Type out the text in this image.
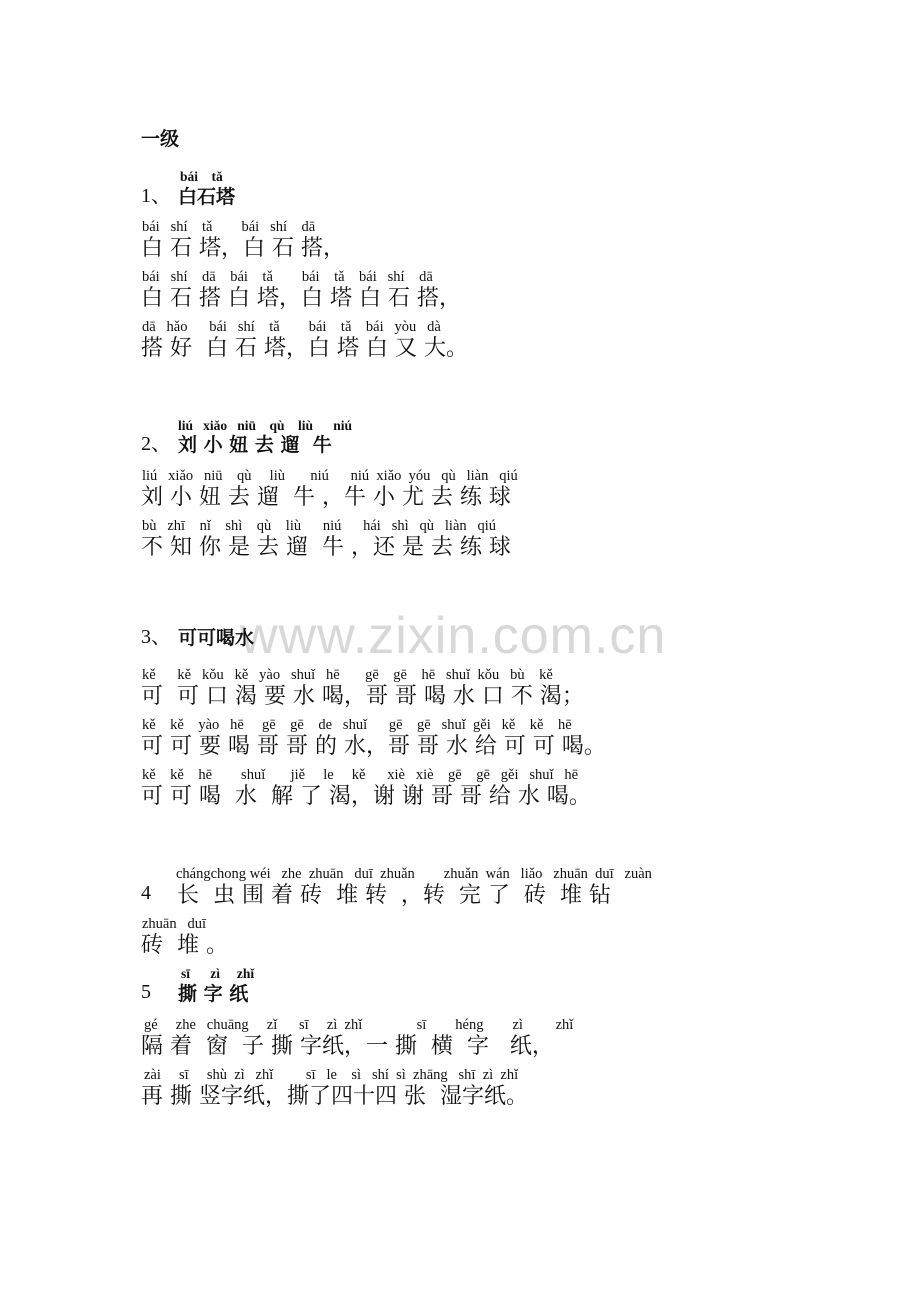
www.zixin.com.cn
一级
bái    tǎ
1、 白石塔
bái   shí    tǎ        bái   shí    dā
白 石 塔，白 石 搭，
bái   shí    dā    bái    tǎ        bái    tǎ    bái   shí    dā
白 石 搭 白 塔，白 塔 白 石 搭，
dā   hǎo      bái   shí    tǎ        bái    tǎ    bái   yòu   dà
搭 好  白 石 塔，白 塔 白 又 大。
liú   xiǎo   niū    qù    liù      niú
2、 刘 小 妞 去 遛  牛
liú   xiǎo   niū    qù     liù       niú      niú  xiǎo  yóu   qù   liàn   qiú
刘 小 妞 去 遛  牛 ，牛 小 尤 去 练 球
bù   zhī    nǐ    shì    qù    liù      niú      hái   shì   qù   liàn   qiú
不 知 你 是 去 遛  牛 ，还 是 去 练 球
3、 可可喝水
kě      kě   kǒu   kě   yào   shuǐ   hē       gē    gē    hē   shuǐ  kǒu   bù    kě
可  可 口 渴 要 水 喝，哥 哥 喝 水 口 不 渴；
kě    kě    yào   hē     gē    gē    de   shuǐ      gē    gē   shuǐ  gěi   kě    kě    hē
可 可 要 喝 哥 哥 的 水，哥 哥 水 给 可 可 喝。
kě    kě    hē        shuǐ       jiě     le     kě      xiè   xiè    gē    gē   gěi   shuǐ   hē
可 可 喝  水  解 了 渴，谢 谢 哥 哥 给 水 喝。
chángchong wéi   zhe  zhuān   duī  zhuǎn        zhuǎn  wán   liǎo   zhuān  duī   zuàn
4 长  虫 围 着 砖  堆 转  ，转  完 了  砖  堆 钻
zhuān   duī
砖  堆 。
sī      zì     zhǐ
5 撕 字 纸
gé     zhe   chuāng     zǐ      sī     zì  zhǐ               sī        héng        zì         zhǐ
隔 着  窗  子 撕 字纸，一 撕  横  字   纸，
zài     sī     shù  zì   zhǐ         sī   le    sì   shí  sì  zhāng   shī  zì  zhǐ
再 撕 竖字纸，撕了四十四 张  湿字纸。
